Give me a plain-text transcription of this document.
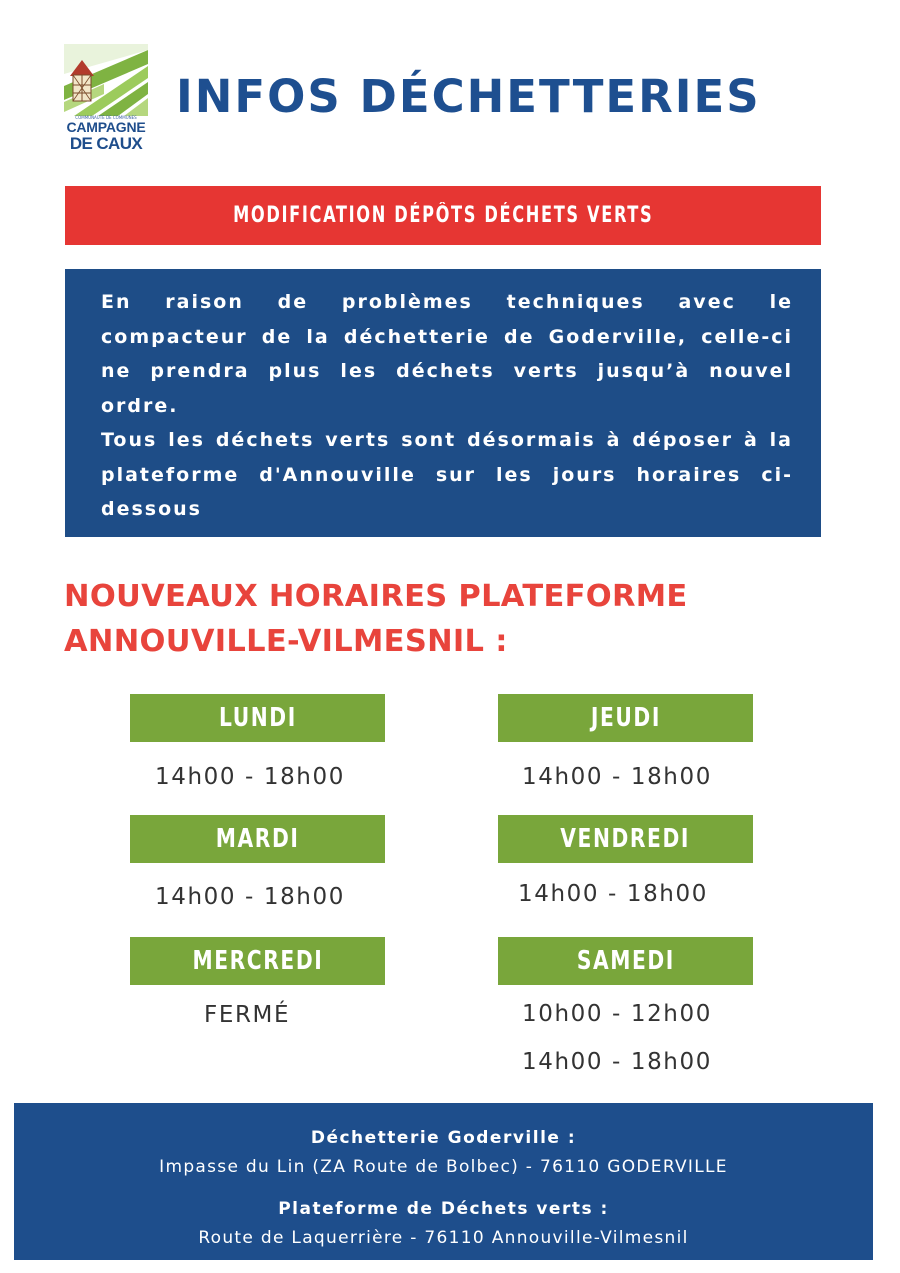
COMMUNAUTÉ DE COMMUNES
CAMPAGNE
DE CAUX
INFOS DÉCHETTERIES
MODIFICATION DÉPÔTS DÉCHETS VERTS

En raison de problèmes techniques avec le compacteur de la déchetterie de Goderville, celle-ci ne prendra plus les déchets verts jusqu’à nouvel ordre.

Tous les déchets verts sont désormais à déposer à la plateforme d'Annouville sur les jours horaires ci-dessous

NOUVEAUX HORAIRES PLATEFORME
ANNOUVILLE-VILMESNIL :
LUNDI
14h00 - 18h00
MARDI
14h00 - 18h00
MERCREDI
FERMÉ
JEUDI
14h00 - 18h00
VENDREDI
14h00 - 18h00
SAMEDI
10h00 - 12h00
14h00 - 18h00
Déchetterie Goderville :
Impasse du Lin (ZA Route de Bolbec) - 76110 GODERVILLE
Plateforme de Déchets verts :
Route de Laquerrière - 76110 Annouville-Vilmesnil
